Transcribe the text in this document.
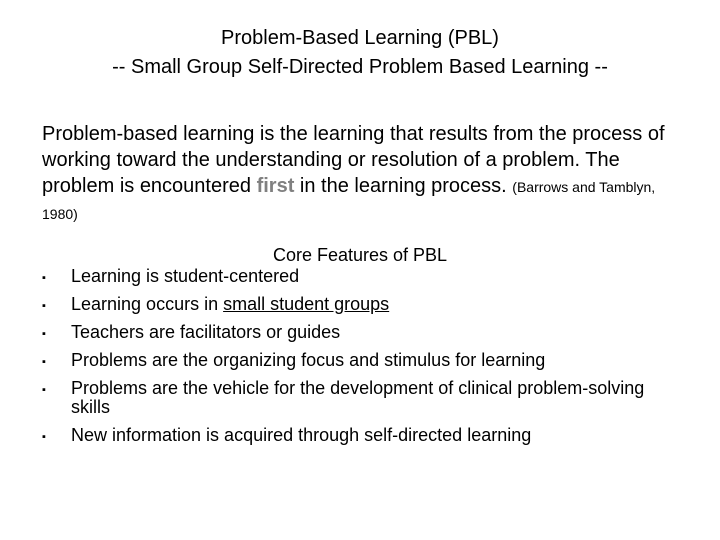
Problem-Based Learning (PBL)
-- Small Group Self-Directed Problem Based Learning --
Problem-based learning is the learning that results from the process of working toward the understanding or resolution of a problem. The problem is encountered first in the learning process. (Barrows and Tamblyn, 1980)
Core Features of PBL
▪	Learning is student-centered
▪	Learning occurs in small student groups
▪	Teachers are facilitators or guides
▪	Problems are the organizing focus and stimulus for learning
▪	Problems are the vehicle for the development of clinical problem-solving skills
▪	New information is acquired through self-directed learning
